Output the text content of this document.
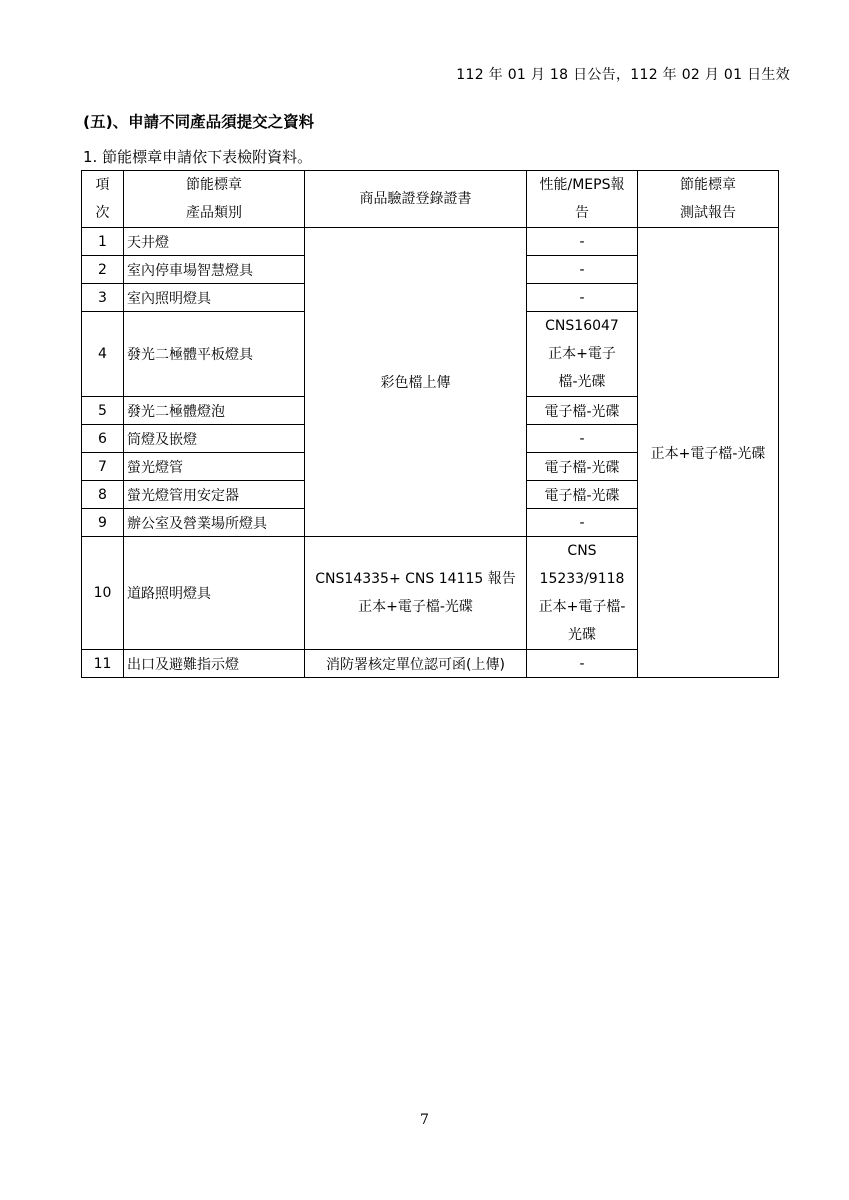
112 年 01 月 18 日公告，112 年 02 月 01 日生效
(五)、申請不同產品須提交之資料
1. 節能標章申請依下表檢附資料。
項次	節能標章產品類別	商品驗證登錄證書	性能/MEPS報告	節能標章測試報告

1	天井燈	彩色檔上傳	-	正本+電子檔-光碟
2	室內停車場智慧燈具		-	
3	室內照明燈具		-	
4	發光二極體平板燈具		CNS16047正本+電子檔-光碟	

5	發光二極體燈泡		電子檔-光碟	
6	筒燈及嵌燈		-	
7	螢光燈管		電子檔-光碟	
8	螢光燈管用安定器		電子檔-光碟	
9	辦公室及營業場所燈具		-	
10	道路照明燈具	CNS14335+ CNS 14115 報告正本+電子檔-光碟	CNS 15233/9118 正本+電子檔-光碟	

11	出口及避難指示燈	消防署核定單位認可函(上傳)	-	
7
